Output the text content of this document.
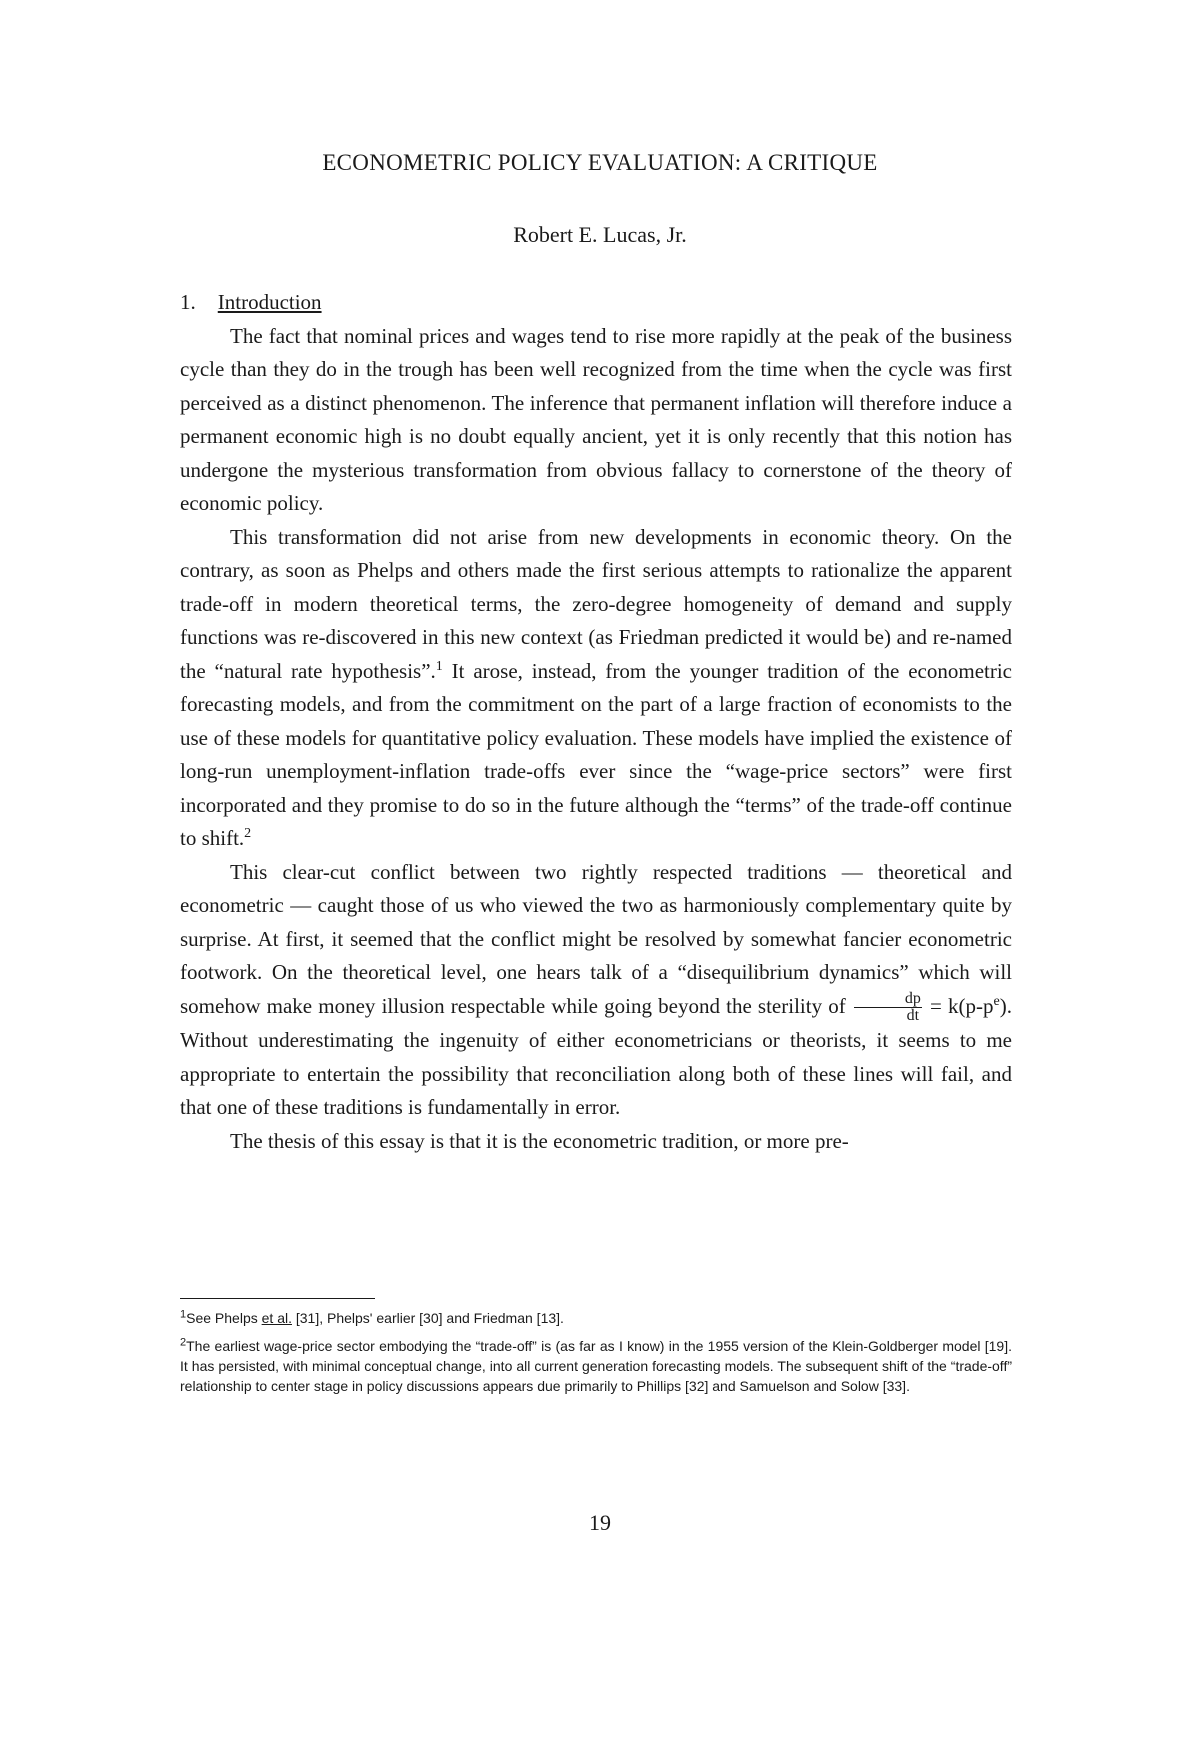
ECONOMETRIC POLICY EVALUATION: A CRITIQUE
Robert E. Lucas, Jr.

1. Introduction

The fact that nominal prices and wages tend to rise more rapidly at the peak of the business cycle than they do in the trough has been well recognized from the time when the cycle was first perceived as a distinct phenomenon. The inference that permanent inflation will therefore induce a permanent economic high is no doubt equally ancient, yet it is only recently that this notion has undergone the mysterious transformation from obvious fallacy to cornerstone of the theory of economic policy.

This transformation did not arise from new developments in economic theory. On the contrary, as soon as Phelps and others made the first serious attempts to rationalize the apparent trade-off in modern theoretical terms, the zero-degree homogeneity of demand and supply functions was re-discovered in this new context (as Friedman predicted it would be) and re-named the “natural rate hypothesis”.$^1$ It arose, instead, from the younger tradition of the econometric forecasting models, and from the commitment on the part of a large fraction of economists to the use of these models for quantitative policy evaluation. These models have implied the existence of long-run unemployment-inflation trade-offs ever since the “wage-price sectors” were first incorporated and they promise to do so in the future although the “terms” of the trade-off continue to shift.$^2$

This clear-cut conflict between two rightly respected traditions — theoretical and econometric — caught those of us who viewed the two as harmoniously complementary quite by surprise. At first, it seemed that the conflict might be resolved by somewhat fancier econometric footwork. On the theoretical level, one hears talk of a “disequilibrium dynamics” which will somehow make money illusion respectable while going beyond the sterility of $\frac{dp}{dt} = k(p-p^e)$. Without underestimating the ingenuity of either econometricians or theorists, it seems to me appropriate to entertain the possibility that reconciliation along both of these lines will fail, and that one of these traditions is fundamentally in error.

The thesis of this essay is that it is the econometric tradition, or more pre-

$^1$See Phelps et al. [31], Phelps' earlier [30] and Friedman [13].

$^2$The earliest wage-price sector embodying the “trade-off” is (as far as I know) in the 1955 version of the Klein-Goldberger model [19]. It has persisted, with minimal conceptual change, into all current generation forecasting models. The subsequent shift of the “trade-off” relationship to center stage in policy discussions appears due primarily to Phillips [32] and Samuelson and Solow [33].

19
